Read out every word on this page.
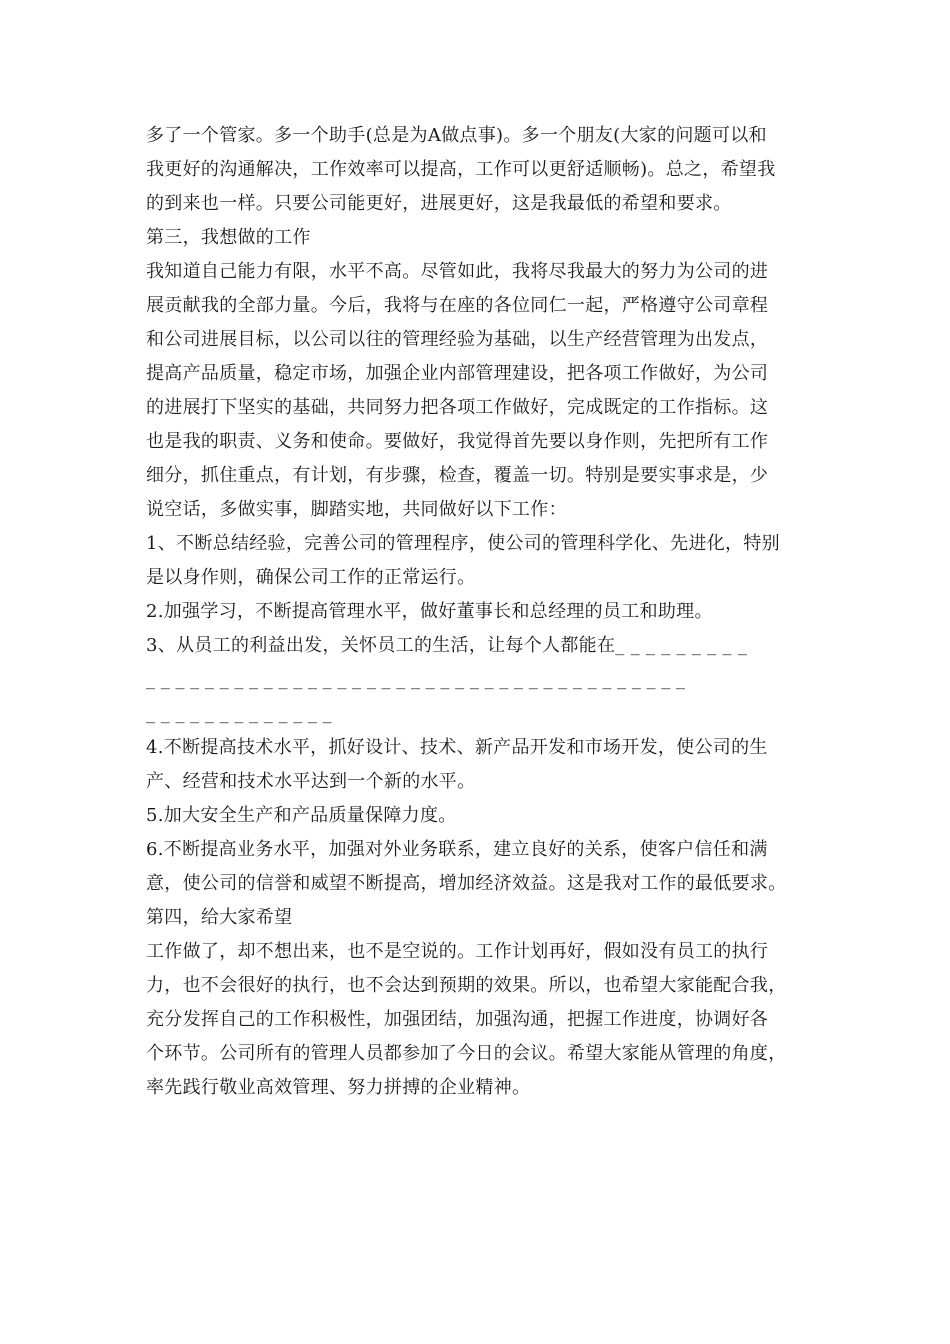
多了一个管家。多一个助手(总是为A做点事)。多一个朋友(大家的问题可以和
我更好的沟通解决，工作效率可以提高，工作可以更舒适顺畅)。总之，希望我
的到来也一样。只要公司能更好，进展更好，这是我最低的希望和要求。
第三，我想做的工作
我知道自己能力有限，水平不高。尽管如此，我将尽我最大的努力为公司的进
展贡献我的全部力量。今后，我将与在座的各位同仁一起，严格遵守公司章程
和公司进展目标，以公司以往的管理经验为基础，以生产经营管理为出发点，
提高产品质量，稳定市场，加强企业内部管理建设，把各项工作做好，为公司
的进展打下坚实的基础，共同努力把各项工作做好，完成既定的工作指标。这
也是我的职责、义务和使命。要做好，我觉得首先要以身作则，先把所有工作
细分，抓住重点，有计划，有步骤，检查，覆盖一切。特别是要实事求是，少
说空话，多做实事，脚踏实地，共同做好以下工作：
1、不断总结经验，完善公司的管理程序，使公司的管理科学化、先进化，特别
是以身作则，确保公司工作的正常运行。
2.加强学习，不断提高管理水平，做好董事长和总经理的员工和助理。
3、从员工的利益出发，关怀员工的生活，让每个人都能在_ _ _ _ _ _ _ _ _
_ _ _ _ _ _ _ _ _ _ _ _ _ _ _ _ _ _ _ _ _ _ _ _ _ _ _ _ _ _ _ _ _ _ _ _ _
_ _ _ _ _ _ _ _ _ _ _ _ _
4.不断提高技术水平，抓好设计、技术、新产品开发和市场开发，使公司的生
产、经营和技术水平达到一个新的水平。
5.加大安全生产和产品质量保障力度。
6.不断提高业务水平，加强对外业务联系，建立良好的关系，使客户信任和满
意，使公司的信誉和威望不断提高，增加经济效益。这是我对工作的最低要求。
第四，给大家希望
工作做了，却不想出来，也不是空说的。工作计划再好，假如没有员工的执行
力，也不会很好的执行，也不会达到预期的效果。所以，也希望大家能配合我，
充分发挥自己的工作积极性，加强团结，加强沟通，把握工作进度，协调好各
个环节。公司所有的管理人员都参加了今日的会议。希望大家能从管理的角度，
率先践行敬业高效管理、努力拼搏的企业精神。
